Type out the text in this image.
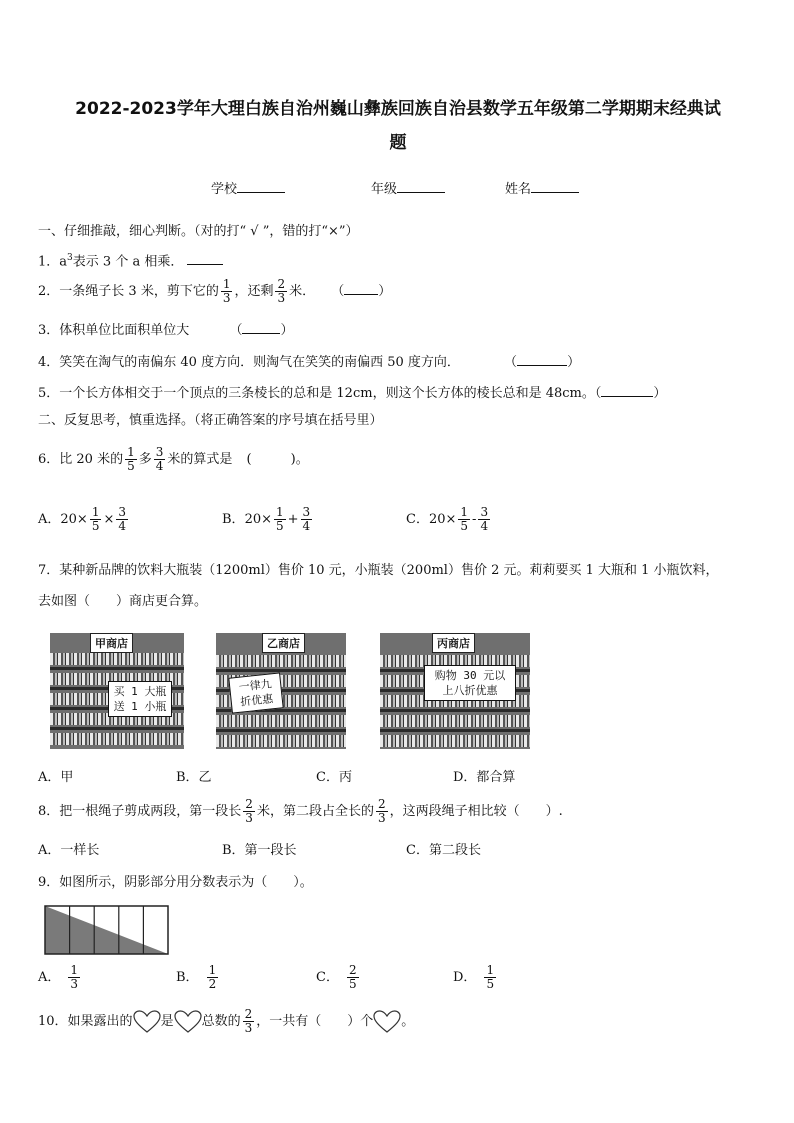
2022-2023学年大理白族自治州巍山彝族回族自治县数学五年级第二学期期末经典试
题
学校	年级	姓名
一、仔细推敲，细心判断。（对的打“ √ ”，错的打“×”）
1．$a^3$表示 3 个 a 相乘．
2．一条绳子长 3 米，剪下它的 $\frac{1}{3}$ ，还剩 $\frac{2}{3}$ 米． （	）
3．体积单位比面积单位大	（	）
4．笑笑在淘气的南偏东 40 度方向．则淘气在笑笑的南偏西 50 度方向．	（	）
5．一个长方体相交于一个顶点的三条棱长的总和是 12cm，则这个长方体的棱长总和是 48cm。（	）
二、反复思考，慎重选择。（将正确答案的序号填在括号里）
6．比 20 米的 $\frac{1}{5}$ 多 $\frac{3}{4}$ 米的算式是 (　　　)。
A．$20\times \frac{1}{5} \times \frac{3}{4}$	B．$20\times \frac{1}{5} + \frac{3}{4}$	C．$20\times \frac{1}{5} - \frac{3}{4}$
7．某种新品牌的饮料大瓶装（1200ml）售价 10 元，小瓶装（200ml）售价 2 元。莉莉要买 1 大瓶和 1 小瓶饮料，
去如图（　　）商店更合算。
甲商店
买 1 大瓶 送 1 小瓶
乙商店
一律九 折优惠
丙商店
购物 30 元以 上八折优惠
A．甲	B．乙	C．丙	D．都合算
8．把一根绳子剪成两段，第一段长 $\frac{2}{3}$ 米，第二段占全长的 $\frac{2}{3}$ ，这两段绳子相比较（　　）.
A．一样长	B．第一段长	C．第二段长
9．如图所示，阴影部分用分数表示为（　　）。
A． $\frac{1}{3}$	B． $\frac{1}{2}$	C． $\frac{2}{5}$	D． $\frac{1}{5}$
10．如果露出的 是 总数的 $\frac{2}{3}$ ，一共有（　　）个 。
